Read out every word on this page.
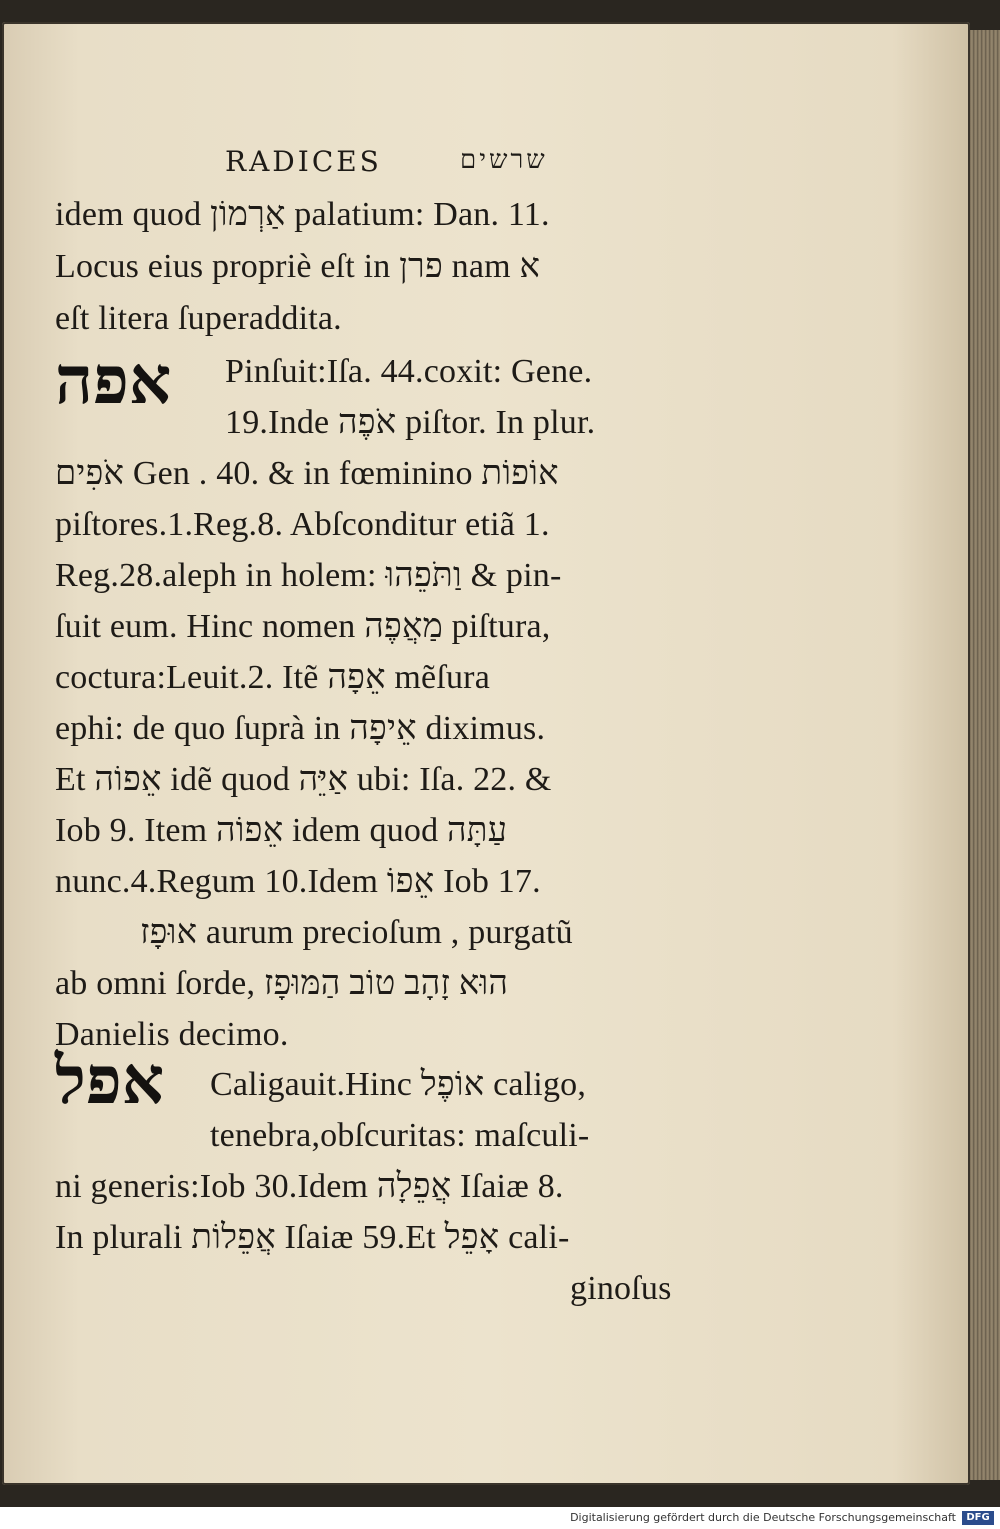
RADICES	שרשים
idem quod אַרְמוֹן palatium: Dan. 11.
Locus eius propriè eſt in פרן nam א
eſt litera ſuperaddita.
אפה Pinſuit:Iſa. 44.coxit: Gene.
19.Inde אֹפֶה piſtor. In plur.
אֹפִים Gen . 40. & in fœminino אוֹפוֹת
piſtores.1.Reg.8. Abſconditur etiã 1.
Reg.28.aleph in holem: וַתֹּפֵהוּ & pin-
ſuit eum. Hinc nomen מַאֲפֶה piſtura,
coctura:Leuit.2. Itẽ אֵפָה mẽſura
ephi: de quo ſuprà in אֵיפָה diximus.
Et אֵפוֹה idẽ quod אַיֵּה ubi: Iſa. 22. &
Iob 9. Item אֵפוֹה idem quod עַתָּה
nunc.4.Regum 10.Idem אֵפוֹ Iob 17.
אוּפָז aurum precioſum , purgatũ
ab omni ſorde, הוּא זָהָב טוֹב הַמּוּפָז
Danielis decimo.
אפל Caligauit.Hinc אוֹפֶל caligo,
tenebra,obſcuritas: maſculi-
ni generis:Iob 30.Idem אֲפֵלָה Iſaiæ 8.
In plurali אֲפֵלוֹת Iſaiæ 59.Et אָפֵל cali-
ginoſus
Digitalisierung gefördert durch die Deutsche Forschungsgemeinschaft	DFG
